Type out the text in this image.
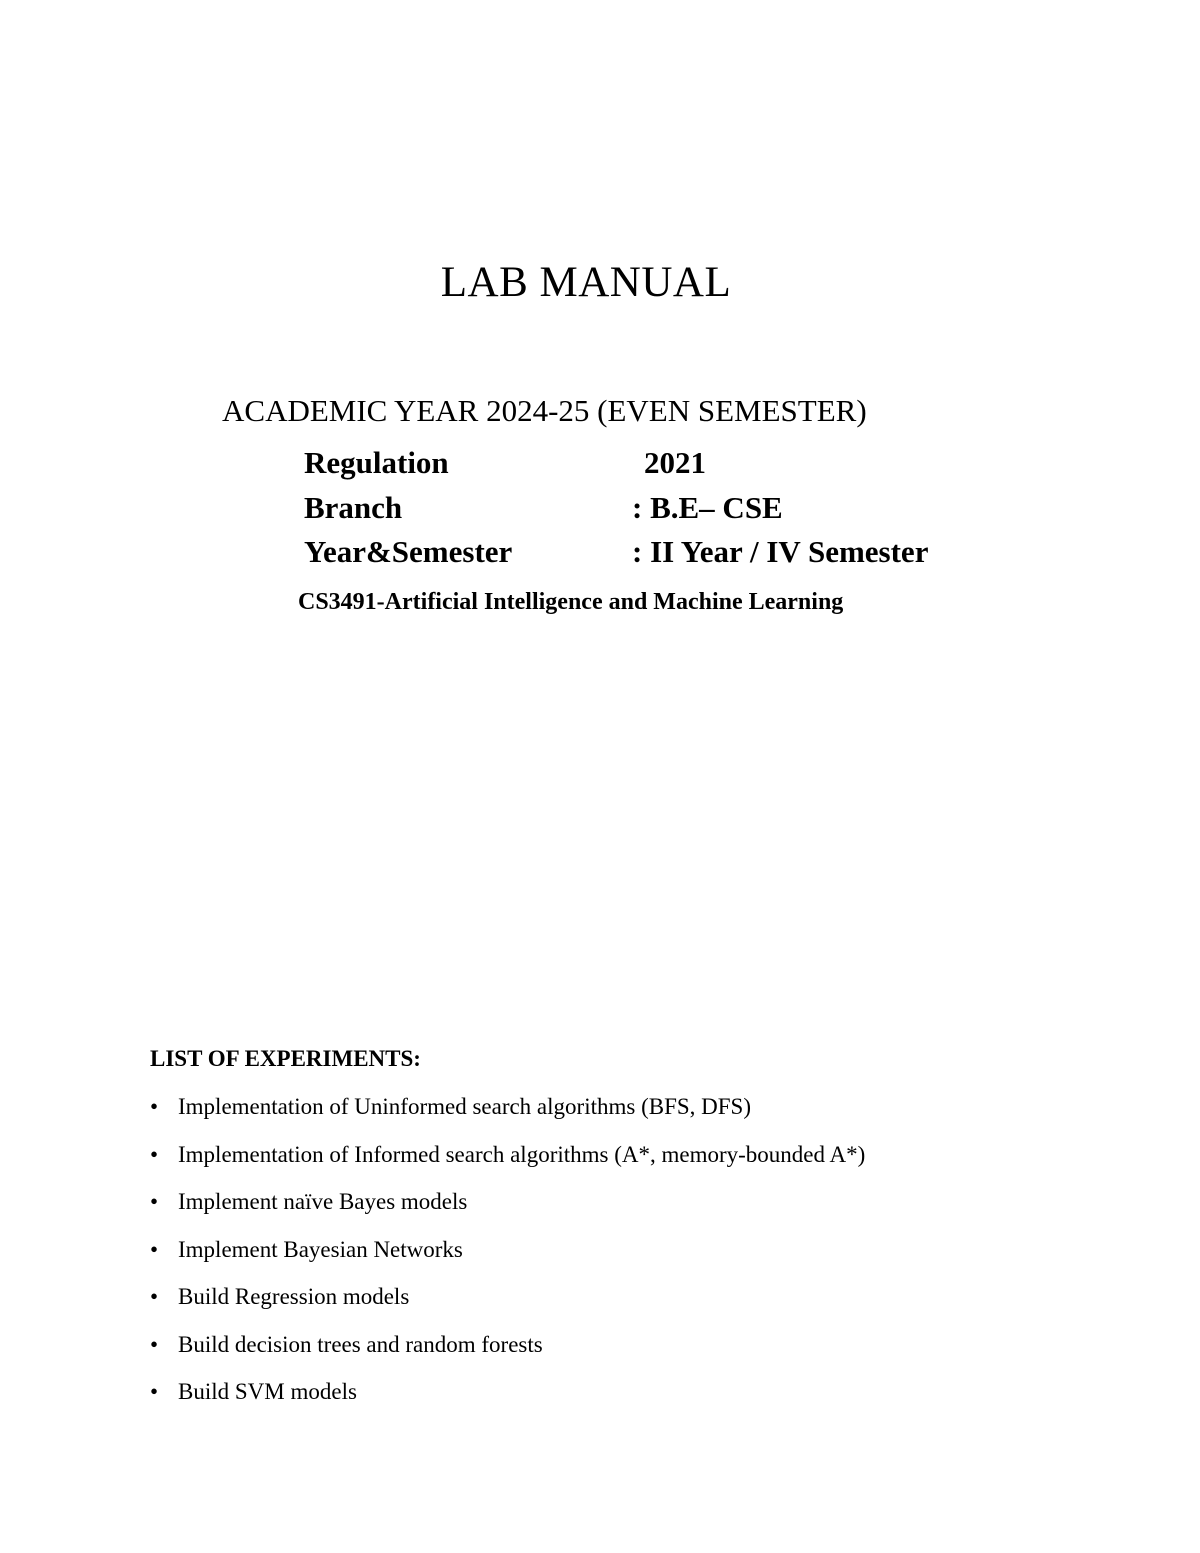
LAB MANUAL
ACADEMIC YEAR 2024-25 (EVEN SEMESTER)
Regulation	2021
Branch	: B.E– CSE
Year&Semester	: II Year / IV Semester
CS3491-Artificial Intelligence and Machine Learning
LIST OF EXPERIMENTS:
• Implementation of Uninformed search algorithms (BFS, DFS)
• Implementation of Informed search algorithms (A*, memory-bounded A*)
• Implement naïve Bayes models
• Implement Bayesian Networks
• Build Regression models
• Build decision trees and random forests
• Build SVM models
